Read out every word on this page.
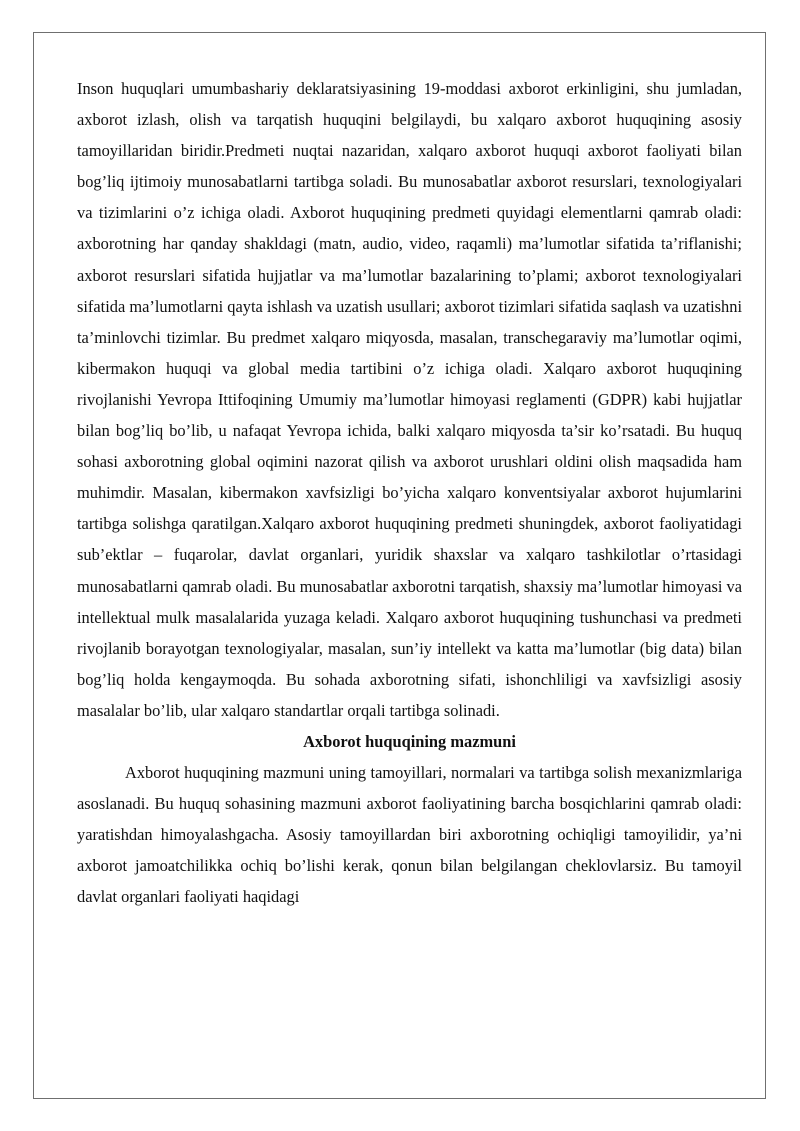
Inson huquqlari umumbashariy deklaratsiyasining 19-moddasi axborot erkinligini, shu jumladan, axborot izlash, olish va tarqatish huquqini belgilaydi, bu xalqaro axborot huquqining asosiy tamoyillaridan biridir.Predmeti nuqtai nazaridan, xalqaro axborot huquqi axborot faoliyati bilan bog’liq ijtimoiy munosabatlarni tartibga soladi. Bu munosabatlar axborot resurslari, texnologiyalari va tizimlarini o’z ichiga oladi. Axborot huquqining predmeti quyidagi elementlarni qamrab oladi: axborotning har qanday shakldagi (matn, audio, video, raqamli) ma’lumotlar sifatida ta’riflanishi; axborot resurslari sifatida hujjatlar va ma’lumotlar bazalarining to’plami; axborot texnologiyalari sifatida ma’lumotlarni qayta ishlash va uzatish usullari; axborot tizimlari sifatida saqlash va uzatishni ta’minlovchi tizimlar. Bu predmet xalqaro miqyosda, masalan, transchegaraviy ma’lumotlar oqimi, kibermakon huquqi va global media tartibini o’z ichiga oladi. Xalqaro axborot huquqining rivojlanishi Yevropa Ittifoqining Umumiy ma’lumotlar himoyasi reglamenti (GDPR) kabi hujjatlar bilan bog’liq bo’lib, u nafaqat Yevropa ichida, balki xalqaro miqyosda ta’sir ko’rsatadi. Bu huquq sohasi axborotning global oqimini nazorat qilish va axborot urushlari oldini olish maqsadida ham muhimdir. Masalan, kibermakon xavfsizligi bo’yicha xalqaro konventsiyalar axborot hujumlarini tartibga solishga qaratilgan.Xalqaro axborot huquqining predmeti shuningdek, axborot faoliyatidagi sub’ektlar – fuqarolar, davlat organlari, yuridik shaxslar va xalqaro tashkilotlar o’rtasidagi munosabatlarni qamrab oladi. Bu munosabatlar axborotni tarqatish, shaxsiy ma’lumotlar himoyasi va intellektual mulk masalalarida yuzaga keladi. Xalqaro axborot huquqining tushunchasi va predmeti rivojlanib borayotgan texnologiyalar, masalan, sun’iy intellekt va katta ma’lumotlar (big data) bilan bog’liq holda kengaymoqda. Bu sohada axborotning sifati, ishonchliligi va xavfsizligi asosiy masalalar bo’lib, ular xalqaro standartlar orqali tartibga solinadi.

Axborot huquqining mazmuni

Axborot huquqining mazmuni uning tamoyillari, normalari va tartibga solish mexanizmlariga asoslanadi. Bu huquq sohasining mazmuni axborot faoliyatining barcha bosqichlarini qamrab oladi: yaratishdan himoyalashgacha. Asosiy tamoyillardan biri axborotning ochiqligi tamoyilidir, ya’ni axborot jamoatchilikka ochiq bo’lishi kerak, qonun bilan belgilangan cheklovlarsiz. Bu tamoyil davlat organlari faoliyati haqidagi
